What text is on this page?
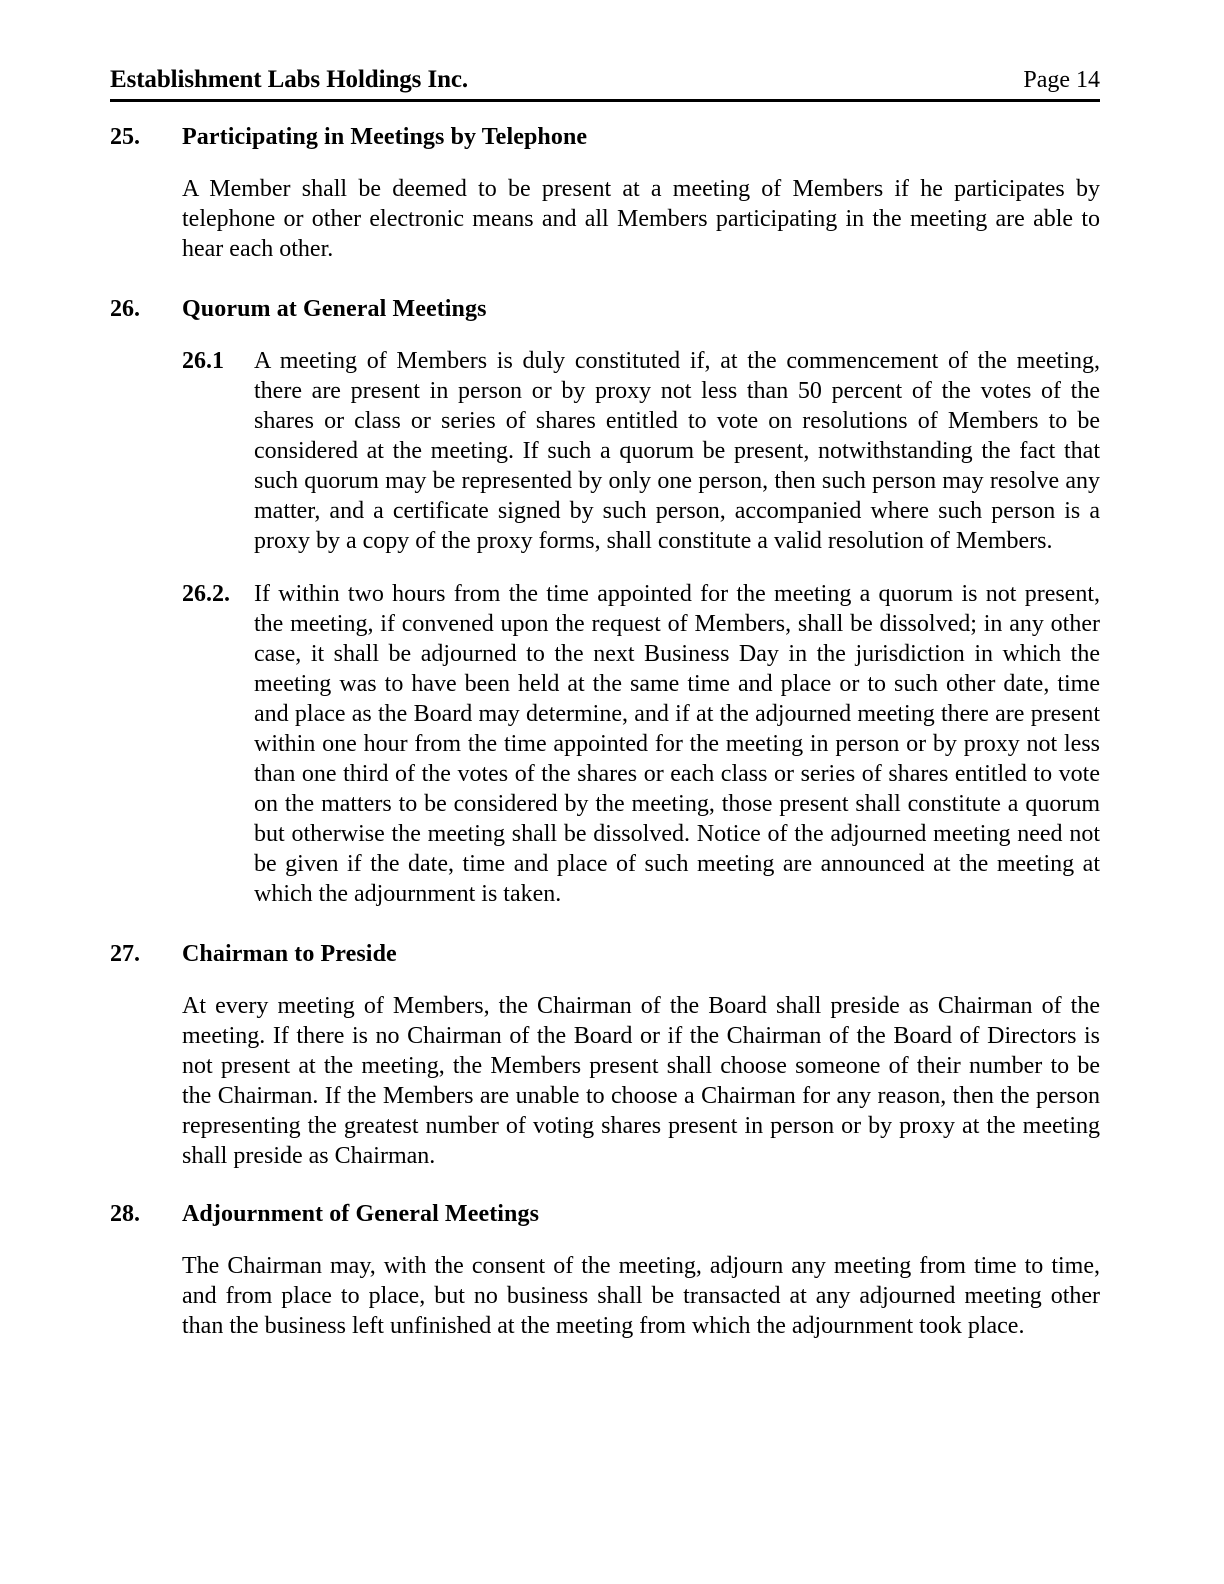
Establishment Labs Holdings Inc.	Page 14
25.	Participating in Meetings by Telephone
A Member shall be deemed to be present at a meeting of Members if he participates by telephone or other electronic means and all Members participating in the meeting are able to hear each other.
26.	Quorum at General Meetings
26.1	A meeting of Members is duly constituted if, at the commencement of the meeting, there are present in person or by proxy not less than 50 percent of the votes of the shares or class or series of shares entitled to vote on resolutions of Members to be considered at the meeting. If such a quorum be present, notwithstanding the fact that such quorum may be represented by only one person, then such person may resolve any matter, and a certificate signed by such person, accompanied where such person is a proxy by a copy of the proxy forms, shall constitute a valid resolution of Members.
26.2.	If within two hours from the time appointed for the meeting a quorum is not present, the meeting, if convened upon the request of Members, shall be dissolved; in any other case, it shall be adjourned to the next Business Day in the jurisdiction in which the meeting was to have been held at the same time and place or to such other date, time and place as the Board may determine, and if at the adjourned meeting there are present within one hour from the time appointed for the meeting in person or by proxy not less than one third of the votes of the shares or each class or series of shares entitled to vote on the matters to be considered by the meeting, those present shall constitute a quorum but otherwise the meeting shall be dissolved. Notice of the adjourned meeting need not be given if the date, time and place of such meeting are announced at the meeting at which the adjournment is taken.
27.	Chairman to Preside
At every meeting of Members, the Chairman of the Board shall preside as Chairman of the meeting. If there is no Chairman of the Board or if the Chairman of the Board of Directors is not present at the meeting, the Members present shall choose someone of their number to be the Chairman. If the Members are unable to choose a Chairman for any reason, then the person representing the greatest number of voting shares present in person or by proxy at the meeting shall preside as Chairman.
28.	Adjournment of General Meetings
The Chairman may, with the consent of the meeting, adjourn any meeting from time to time, and from place to place, but no business shall be transacted at any adjourned meeting other than the business left unfinished at the meeting from which the adjournment took place.
